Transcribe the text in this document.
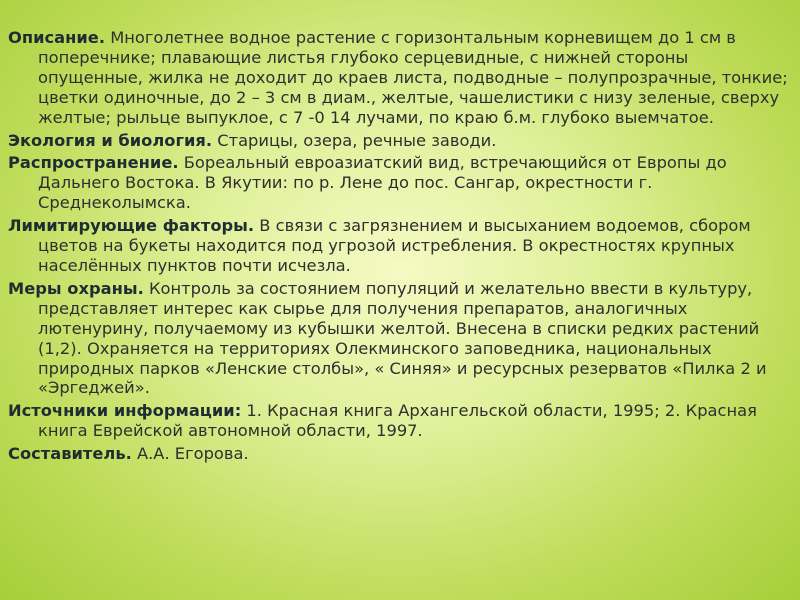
Описание. Многолетнее водное растение с горизонтальным корневищем до 1 см в поперечнике; плавающие листья глубоко серцевидные, с нижней стороны опущенные, жилка не доходит до краев листа, подводные – полупрозрачные, тонкие; цветки одиночные, до 2 – 3 см в диам., желтые, чашелистики с низу зеленые, сверху желтые; рыльце выпуклое, с 7 -0 14 лучами, по краю б.м. глубоко выемчатое.

Экология и биология. Старицы, озера, речные заводи.

Распространение. Бореальный евроазиатский вид, встречающийся от Европы до Дальнего Востока. В Якутии: по р. Лене до пос. Сангар, окрестности г. Среднеколымска.

Лимитирующие факторы. В связи с загрязнением и высыханием водоемов, сбором цветов на букеты находится под угрозой истребления. В окрестностях крупных населённых пунктов почти исчезла.

Меры охраны. Контроль за состоянием популяций и желательно ввести в культуру, представляет интерес как сырье для получения препаратов, аналогичных лютенурину, получаемому из кубышки желтой. Внесена в списки редких растений (1,2). Охраняется на территориях Олекминского заповедника, национальных природных парков «Ленские столбы», « Синяя» и ресурсных резерватов «Пилка 2 и «Эргеджей».

Источники информации: 1. Красная книга Архангельской области, 1995; 2. Красная книга Еврейской автономной области, 1997.

Составитель. А.А. Егорова.
